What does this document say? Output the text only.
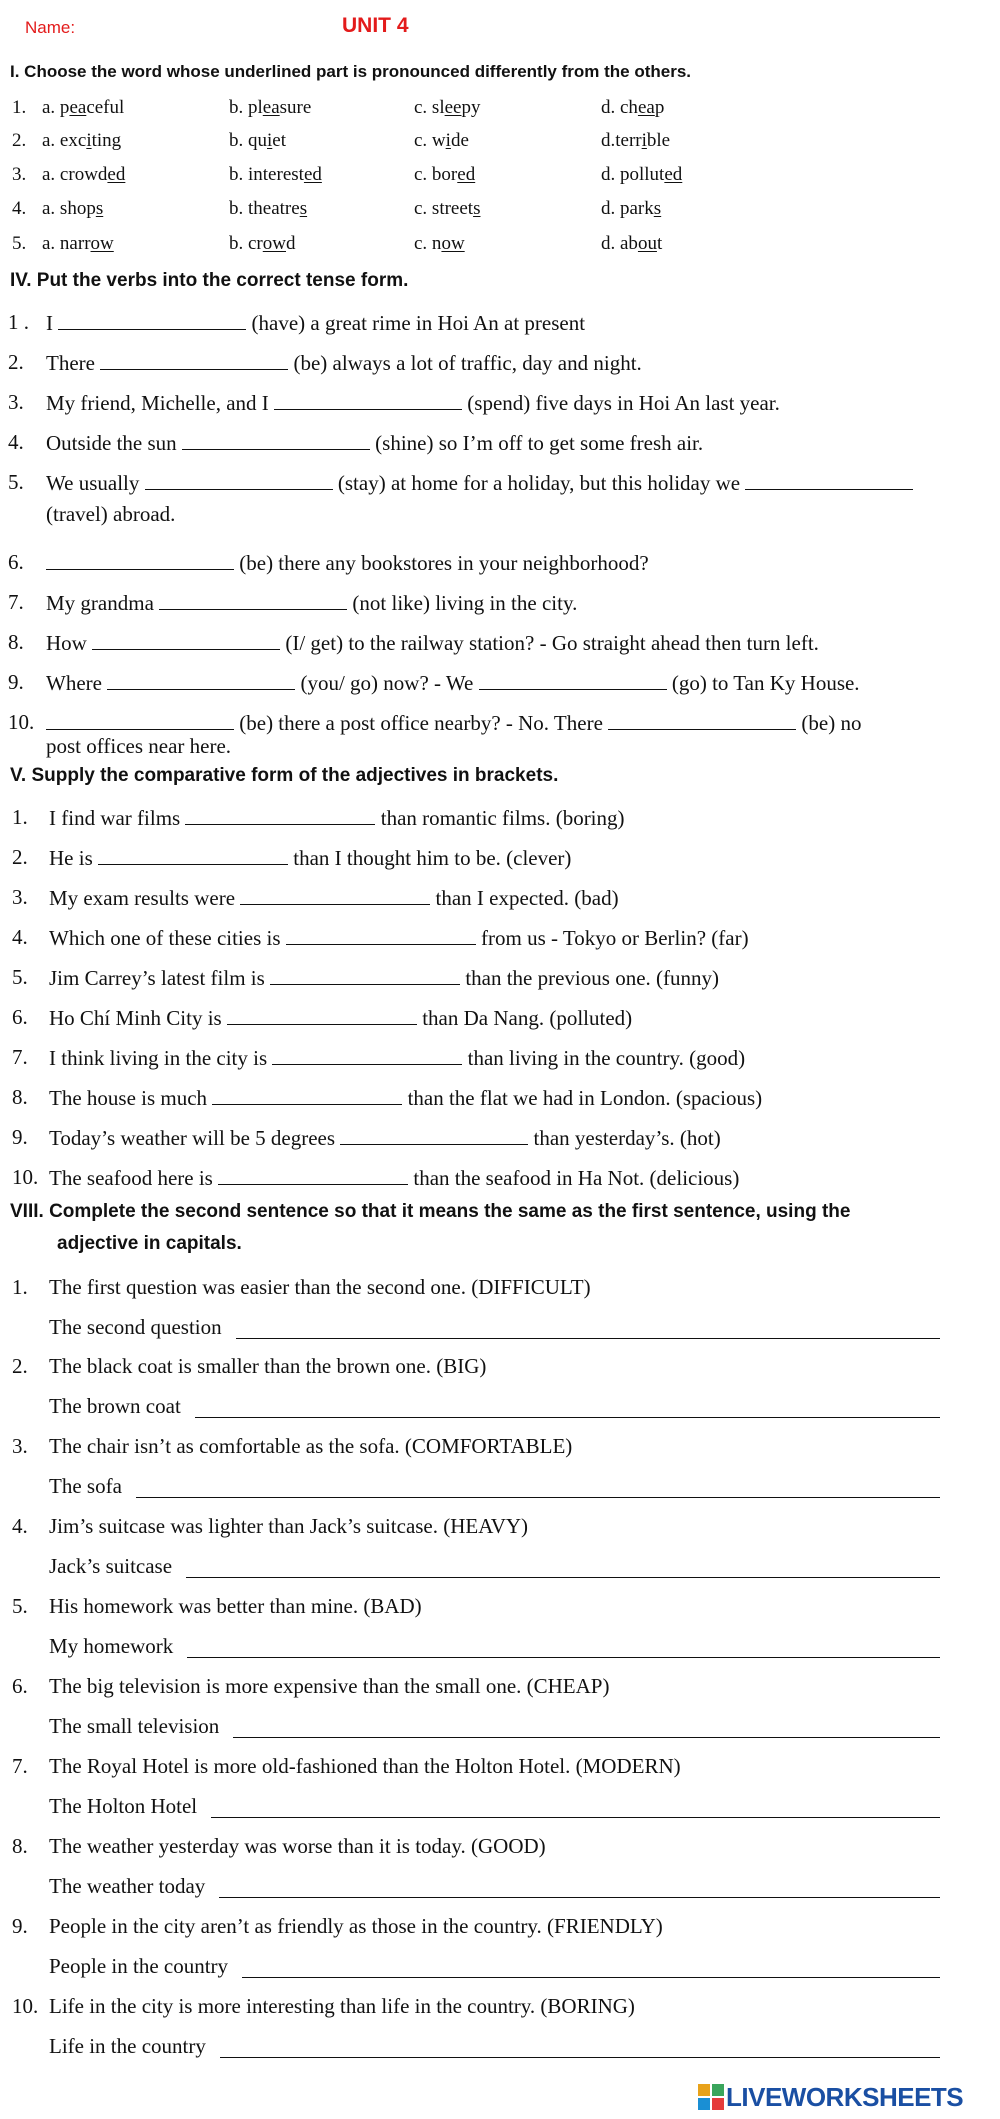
Name:	UNIT 4
I. Choose the word whose underlined part is pronounced differently from the others.
1. a. peaceful	b. pleasure	c. sleepy	d. cheap
2. a. exciting	b. quiet	c. wide	d.terrible
3. a. crowded	b. interested	c. bored	d. polluted
4. a. shops	b. theatres	c. streets	d. parks
5. a. narrow	b. crowd	c. now	d. about
IV. Put the verbs into the correct tense form.
1 . I	(have) a great rime in Hoi An at present
2. There	(be) always a lot of traffic, day and night.
3. My friend, Michelle, and I	(spend) five days in Hoi An last year.
4. Outside the sun	(shine) so I’m off to get some fresh air.
5. We usually	(stay) at home for a holiday, but this holiday we
(travel) abroad.
6.	(be) there any bookstores in your neighborhood?
7. My grandma	(not like) living in the city.
8. How	(I/ get) to the railway station? - Go straight ahead then turn left.
9. Where	(you/ go) now? - We	(go) to Tan Ky House.
10.	(be) there a post office nearby? - No. There	(be) no
post offices near here.
V. Supply the comparative form of the adjectives in brackets.
1. I find war films	than romantic films. (boring)
2. He is	than I thought him to be. (clever)
3. My exam results were	than I expected. (bad)
4. Which one of these cities is	from us - Tokyo or Berlin? (far)
5. Jim Carrey’s latest film is	than the previous one. (funny)
6. Ho Chí Minh City is	than Da Nang. (polluted)
7. I think living in the city is	than living in the country. (good)
8. The house is much	than the flat we had in London. (spacious)
9. Today’s weather will be 5 degrees	than yesterday’s. (hot)
10. The seafood here is	than the seafood in Ha Not. (delicious)
VIII. Complete the second sentence so that it means the same as the first sentence, using the
adjective in capitals.
1. The first question was easier than the second one. (DIFFICULT)
The second question
2. The black coat is smaller than the brown one. (BIG)
The brown coat
3. The chair isn’t as comfortable as the sofa. (COMFORTABLE)
The sofa
4. Jim’s suitcase was lighter than Jack’s suitcase. (HEAVY)
Jack’s suitcase
5. His homework was better than mine. (BAD)
My homework
6. The big television is more expensive than the small one. (CHEAP)
The small television
7. The Royal Hotel is more old-fashioned than the Holton Hotel. (MODERN)
The Holton Hotel
8. The weather yesterday was worse than it is today. (GOOD)
The weather today
9. People in the city aren’t as friendly as those in the country. (FRIENDLY)
People in the country
10. Life in the city is more interesting than life in the country. (BORING)
Life in the country
LIVEWORKSHEETS
